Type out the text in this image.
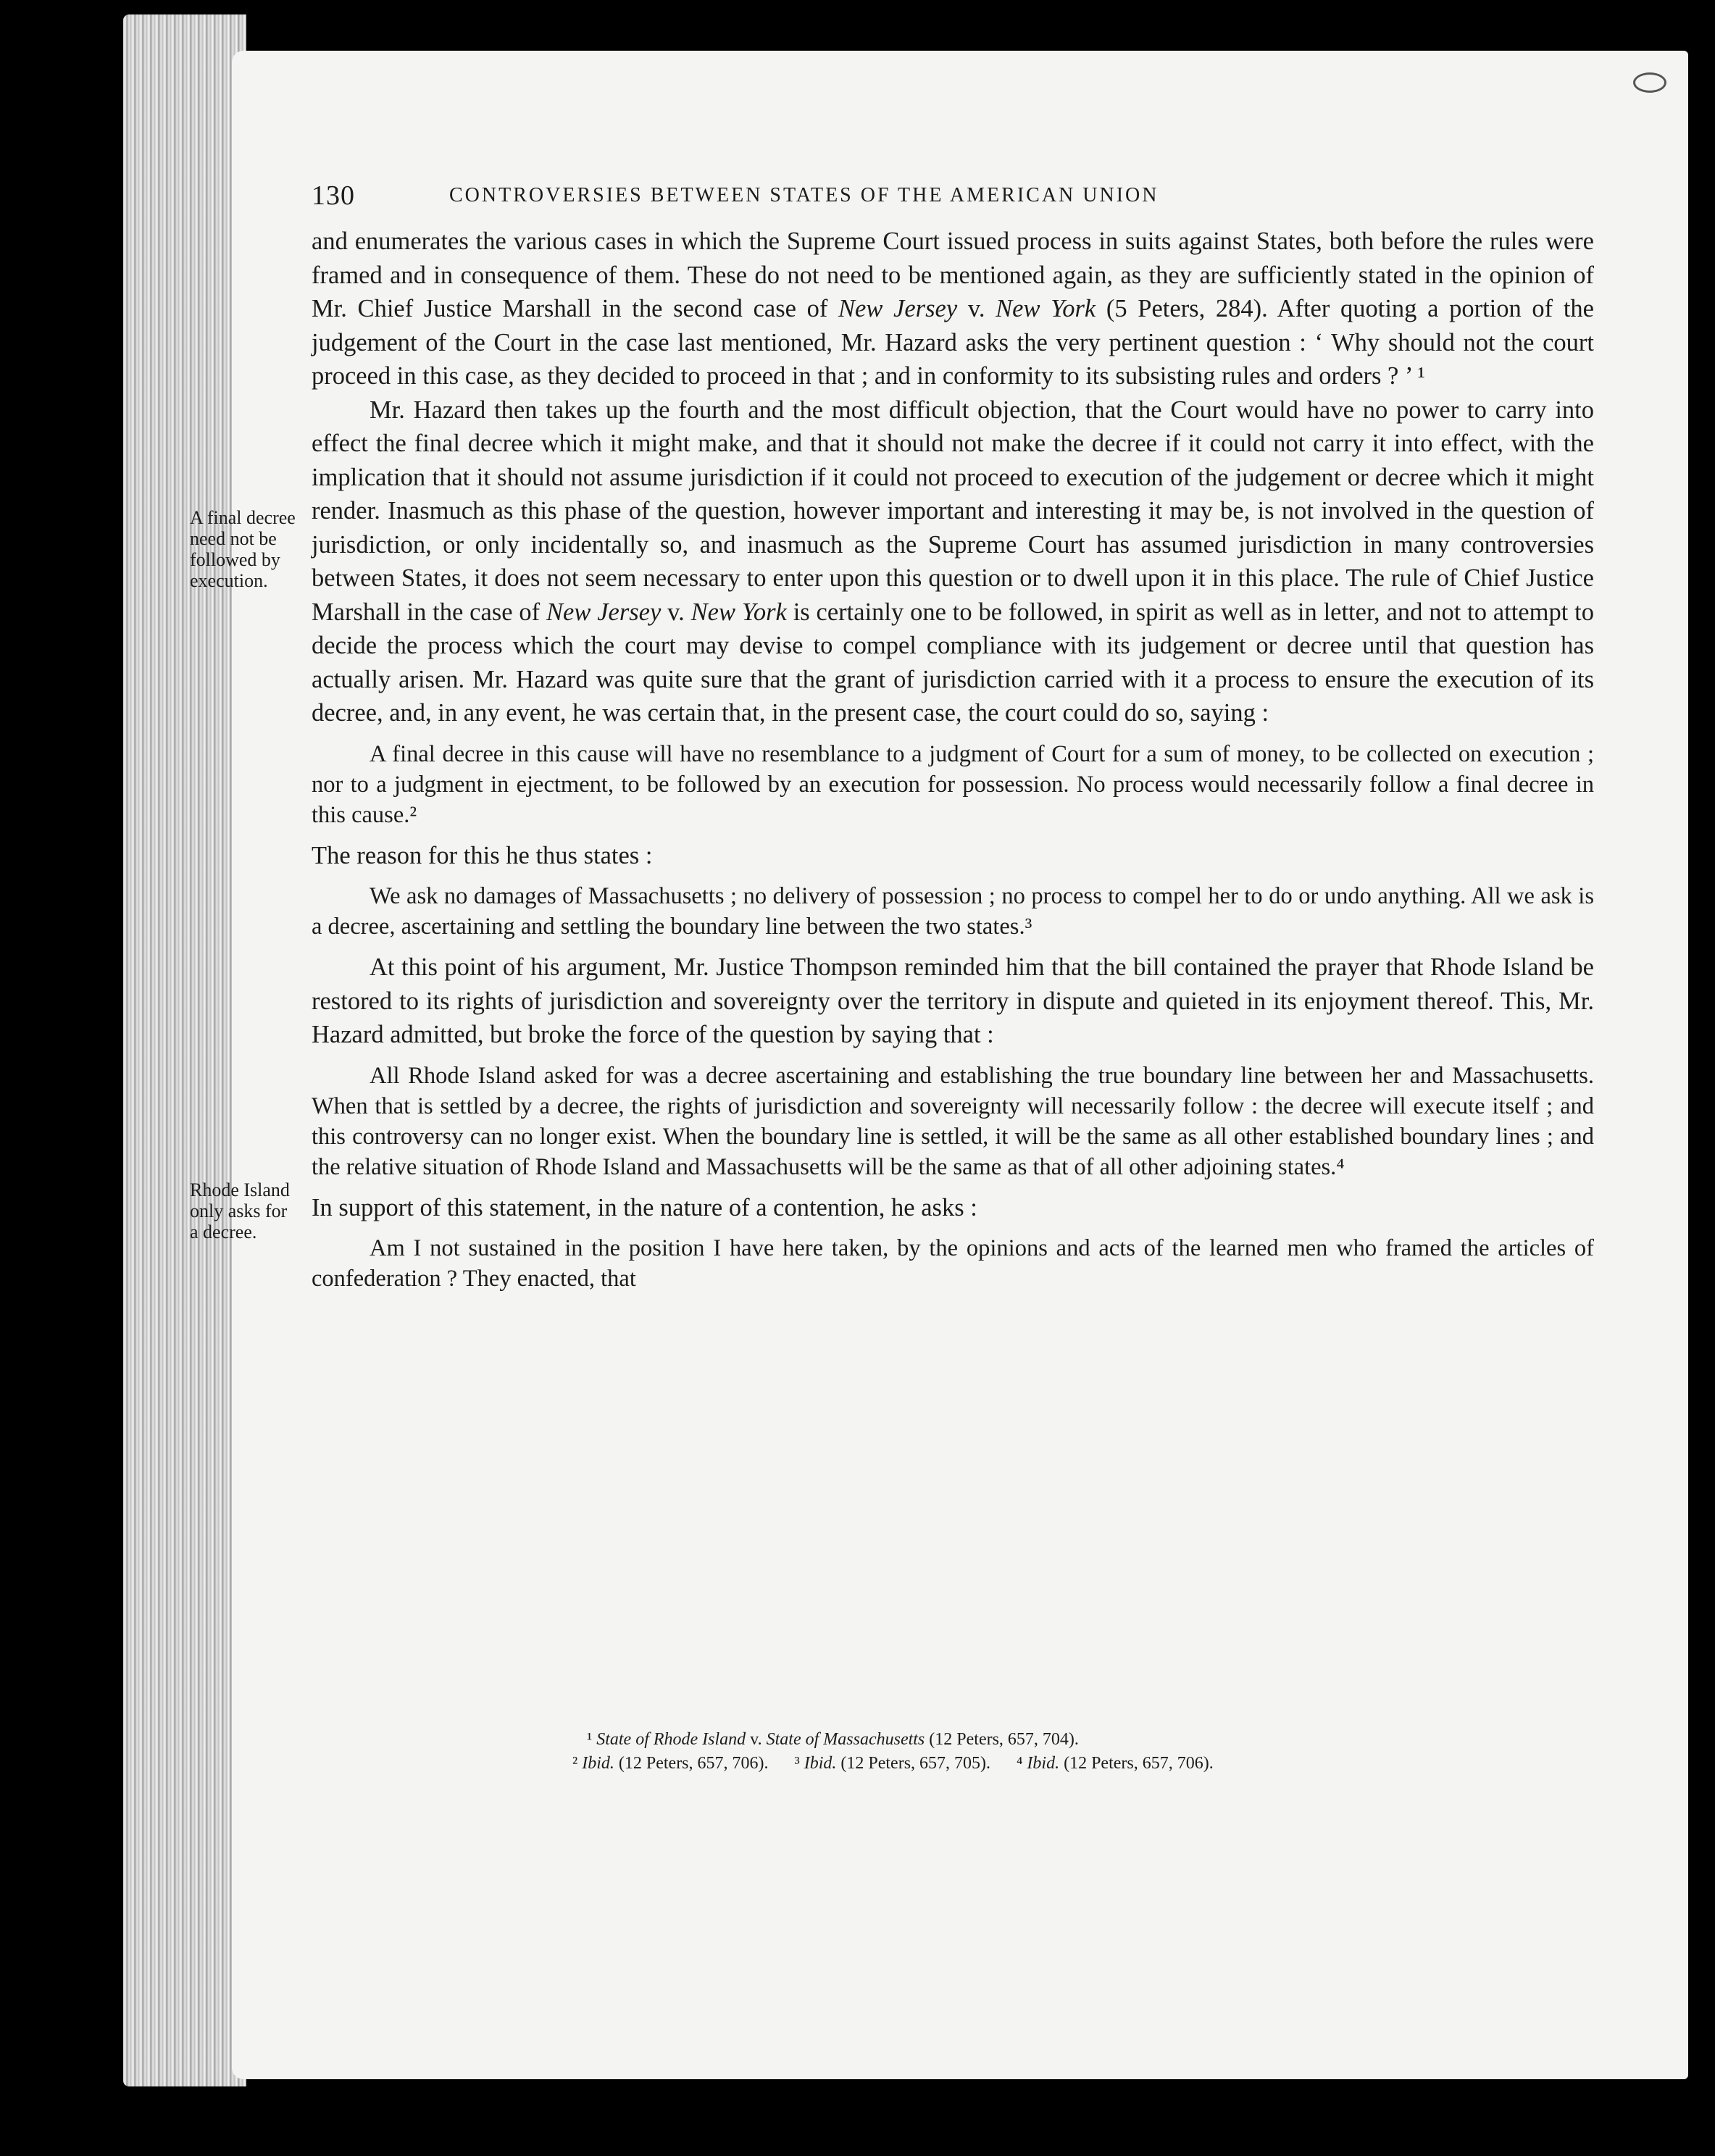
130	CONTROVERSIES BETWEEN STATES OF THE AMERICAN UNION

and enumerates the various cases in which the Supreme Court issued process in suits against States, both before the rules were framed and in consequence of them. These do not need to be mentioned again, as they are sufficiently stated in the opinion of Mr. Chief Justice Marshall in the second case of New Jersey v. New York (5 Peters, 284). After quoting a portion of the judgement of the Court in the case last mentioned, Mr. Hazard asks the very pertinent question : ‘ Why should not the court proceed in this case, as they decided to proceed in that ; and in conformity to its subsisting rules and orders ? ’ ¹

Mr. Hazard then takes up the fourth and the most difficult objection, that the Court would have no power to carry into effect the final decree which it might make, and that it should not make the decree if it could not carry it into effect, with the implication that it should not assume jurisdiction if it could not proceed to execution of the judgement or decree which it might render. Inasmuch as this phase of the question, however important and interesting it may be, is not involved in the question of jurisdiction, or only incidentally so, and inasmuch as the Supreme Court has assumed jurisdiction in many controversies between States, it does not seem necessary to enter upon this question or to dwell upon it in this place. The rule of Chief Justice Marshall in the case of New Jersey v. New York is certainly one to be followed, in spirit as well as in letter, and not to attempt to decide the process which the court may devise to compel compliance with its judgement or decree until that question has actually arisen. Mr. Hazard was quite sure that the grant of jurisdiction carried with it a process to ensure the execution of its decree, and, in any event, he was certain that, in the present case, the court could do so, saying :

A final decree in this cause will have no resemblance to a judgment of Court for a sum of money, to be collected on execution ; nor to a judgment in ejectment, to be followed by an execution for possession. No process would necessarily follow a final decree in this cause.²

The reason for this he thus states :

We ask no damages of Massachusetts ; no delivery of possession ; no process to compel her to do or undo anything. All we ask is a decree, ascertaining and settling the boundary line between the two states.³

At this point of his argument, Mr. Justice Thompson reminded him that the bill contained the prayer that Rhode Island be restored to its rights of jurisdiction and sovereignty over the territory in dispute and quieted in its enjoyment thereof. This, Mr. Hazard admitted, but broke the force of the question by saying that :

All Rhode Island asked for was a decree ascertaining and establishing the true boundary line between her and Massachusetts. When that is settled by a decree, the rights of jurisdiction and sovereignty will necessarily follow : the decree will execute itself ; and this controversy can no longer exist. When the boundary line is settled, it will be the same as all other established boundary lines ; and the relative situation of Rhode Island and Massachusetts will be the same as that of all other adjoining states.⁴

In support of this statement, in the nature of a contention, he asks :

Am I not sustained in the position I have here taken, by the opinions and acts of the learned men who framed the articles of confederation ? They enacted, that

A final decree need not be followed by execution.
Rhode Island only asks for a decree.

¹ State of Rhode Island v. State of Massachusetts (12 Peters, 657, 704).

² Ibid. (12 Peters, 657, 706). ³ Ibid. (12 Peters, 657, 705). ⁴ Ibid. (12 Peters, 657, 706).
